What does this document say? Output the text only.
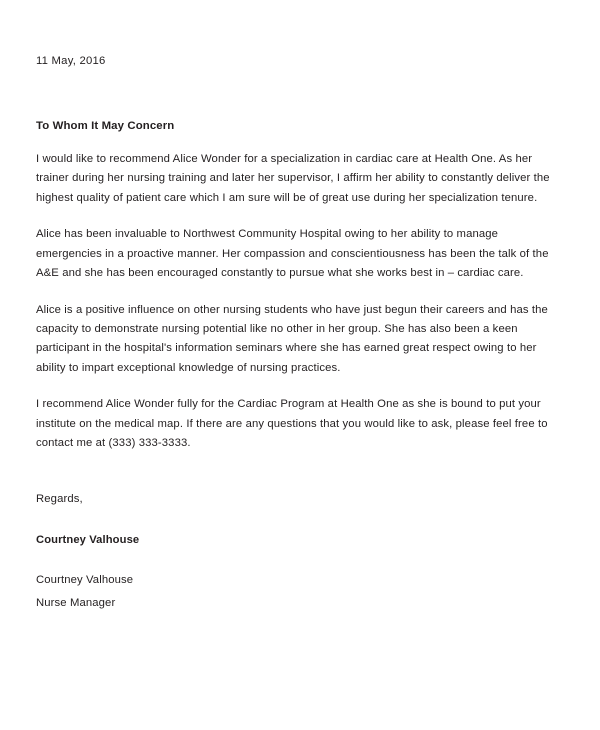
11 May, 2016

To Whom It May Concern

I would like to recommend Alice Wonder for a specialization in cardiac care at Health One. As her trainer during her nursing training and later her supervisor, I affirm her ability to constantly deliver the highest quality of patient care which I am sure will be of great use during her specialization tenure.

Alice has been invaluable to Northwest Community Hospital owing to her ability to manage emergencies in a proactive manner. Her compassion and conscientiousness has been the talk of the A&E and she has been encouraged constantly to pursue what she works best in – cardiac care.

Alice is a positive influence on other nursing students who have just begun their careers and has the capacity to demonstrate nursing potential like no other in her group. She has also been a keen participant in the hospital's information seminars where she has earned great respect owing to her ability to impart exceptional knowledge of nursing practices.

I recommend Alice Wonder fully for the Cardiac Program at Health One as she is bound to put your institute on the medical map. If there are any questions that you would like to ask, please feel free to contact me at (333) 333-3333.

Regards,

Courtney Valhouse

Courtney Valhouse

Nurse Manager
